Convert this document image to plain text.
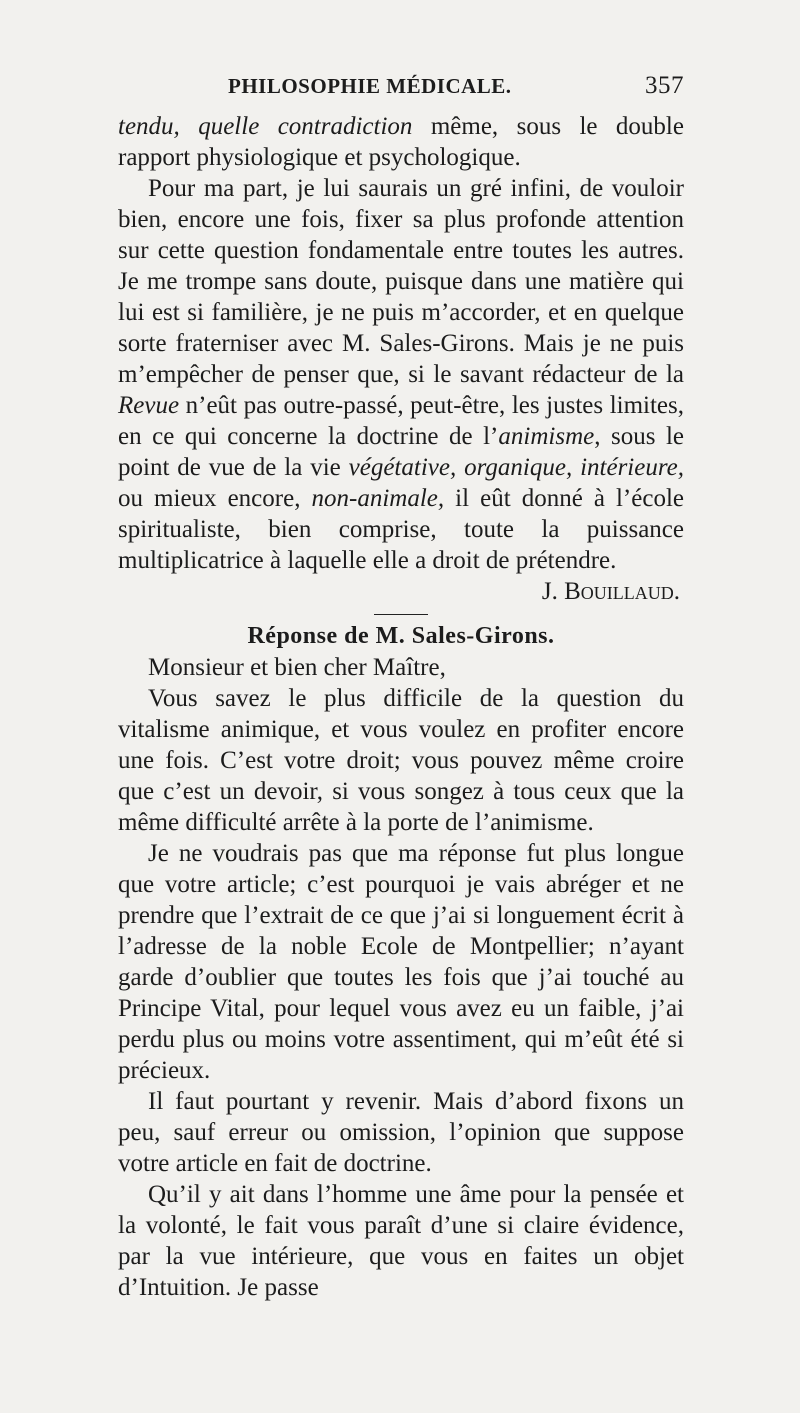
PHILOSOPHIE MÉDICALE.	357

tendu, quelle contradiction même, sous le double rapport physiologique et psychologique.

Pour ma part, je lui saurais un gré infini, de vouloir bien, encore une fois, fixer sa plus profonde attention sur cette question fondamentale entre toutes les autres. Je me trompe sans doute, puisque dans une matière qui lui est si familière, je ne puis m’accorder, et en quelque sorte fraterniser avec M. Sales-Girons. Mais je ne puis m’empêcher de penser que, si le savant rédacteur de la Revue n’eût pas outre-passé, peut-être, les justes limites, en ce qui concerne la doctrine de l’animisme, sous le point de vue de la vie végétative, organique, intérieure, ou mieux encore, non-animale, il eût donné à l’école spiritualiste, bien comprise, toute la puissance multiplicatrice à laquelle elle a droit de prétendre.

J. Bouillaud.

Réponse de M. Sales-Girons.

Monsieur et bien cher Maître,

Vous savez le plus difficile de la question du vitalisme animique, et vous voulez en profiter encore une fois. C’est votre droit; vous pouvez même croire que c’est un devoir, si vous songez à tous ceux que la même difficulté arrête à la porte de l’animisme.

Je ne voudrais pas que ma réponse fut plus longue que votre article; c’est pourquoi je vais abréger et ne prendre que l’extrait de ce que j’ai si longuement écrit à l’adresse de la noble Ecole de Montpellier; n’ayant garde d’oublier que toutes les fois que j’ai touché au Principe Vital, pour lequel vous avez eu un faible, j’ai perdu plus ou moins votre assentiment, qui m’eût été si précieux.

Il faut pourtant y revenir. Mais d’abord fixons un peu, sauf erreur ou omission, l’opinion que suppose votre article en fait de doctrine.

Qu’il y ait dans l’homme une âme pour la pensée et la volonté, le fait vous paraît d’une si claire évidence, par la vue intérieure, que vous en faites un objet d’Intuition. Je passe
